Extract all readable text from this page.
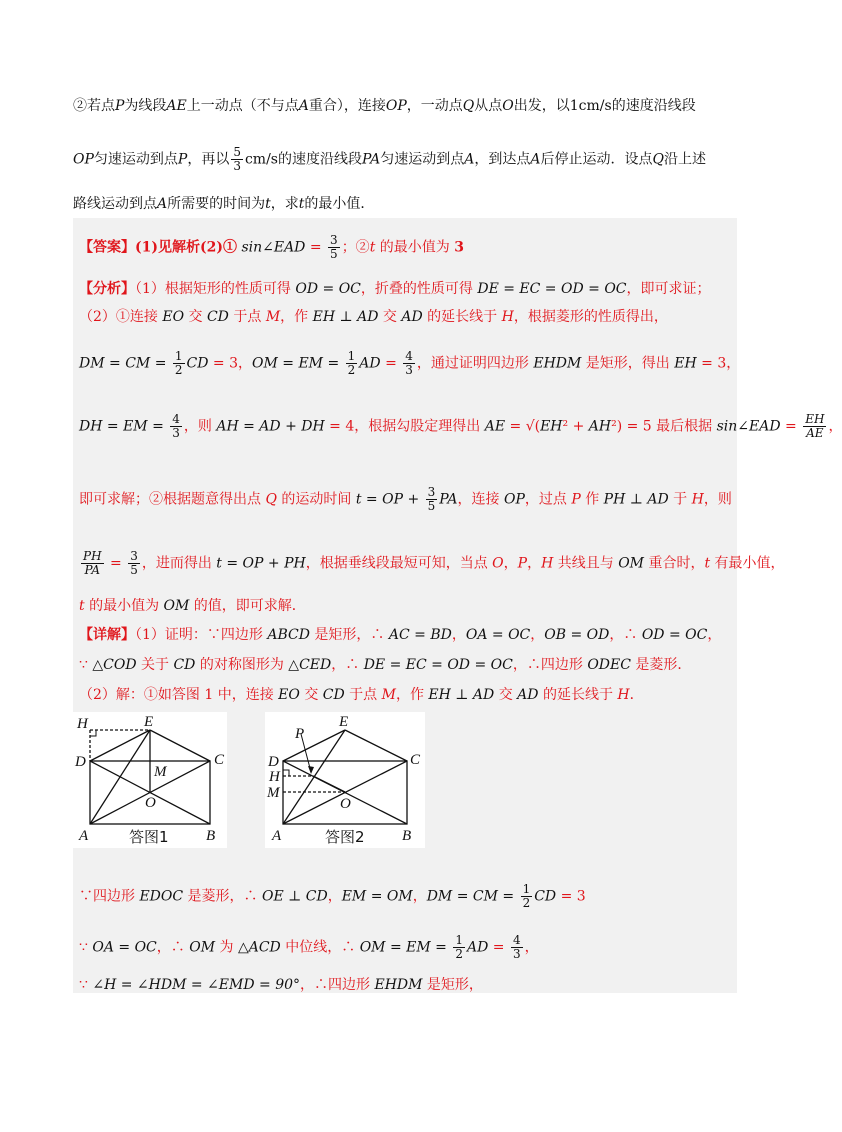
②若点P为线段AE上一动点（不与点A重合），连接OP，一动点Q从点O出发，以1cm/s的速度沿线段
OP匀速运动到点P，再以 $\frac{5}{3} cm/s$的速度沿线段PA匀速运动到点A，到达点A后停止运动．设点Q沿上述
路线运动到点A所需要的时间为t，求t的最小值．
【答案】(1)见解析(2)① sin∠EAD = $\frac{3}{5}$ ；②t 的最小值为 3
【分析】（1）根据矩形的性质可得 OD = OC，折叠的性质可得 DE = EC = OD = OC，即可求证；
（2）①连接 EO 交 CD 于点 M，作 EH ⊥ AD 交 AD 的延长线于 H，根据菱形的性质得出，
DM = CM = $\frac{1}{2}$ CD = 3，OM = EM = $\frac{1}{2}$ AD = $\frac{4}{3}$ ，通过证明四边形 EHDM 是矩形，得出 EH = 3，
DH = EM = $\frac{4}{3}$ ，则 AH = AD + DH = 4，根据勾股定理得出 AE = √(EH² + AH²) = 5 最后根据 sin∠EAD = $\frac{EH}{AE}$ ，
即可求解；②根据题意得出点 Q 的运动时间 t = OP + $\frac{3}{5}$ PA，连接 OP，过点 P 作 PH ⊥ AD 于 H，则
$\frac{PH}{PA} = \frac{3}{5}$ ，进而得出 t = OP + PH，根据垂线段最短可知，当点 O，P，H 共线且与 OM 重合时，t 有最小值，
t 的最小值为 OM 的值，即可求解．
【详解】（1）证明：∵四边形 ABCD 是矩形，∴ AC = BD，OA = OC，OB = OD，∴ OD = OC，
∵ △COD 关于 CD 的对称图形为 △CED，∴ DE = EC = OD = OC，∴四边形 ODEC 是菱形．
（2）解：①如答图 1 中，连接 EO 交 CD 于点 M，作 EH ⊥ AD 交 AD 的延长线于 H．
H	E
D	C
M
O
A	B
答图1
E
P
D	C
H
M
O
A	B
答图2
∵四边形 EDOC 是菱形，∴ OE ⊥ CD，EM = OM，DM = CM = $\frac{1}{2}$ CD = 3
∵ OA = OC，∴ OM 为 △ACD 中位线，∴ OM = EM = $\frac{1}{2}$ AD = $\frac{4}{3}$ ，
∵ ∠H = ∠HDM = ∠EMD = 90°，∴四边形 EHDM 是矩形，
